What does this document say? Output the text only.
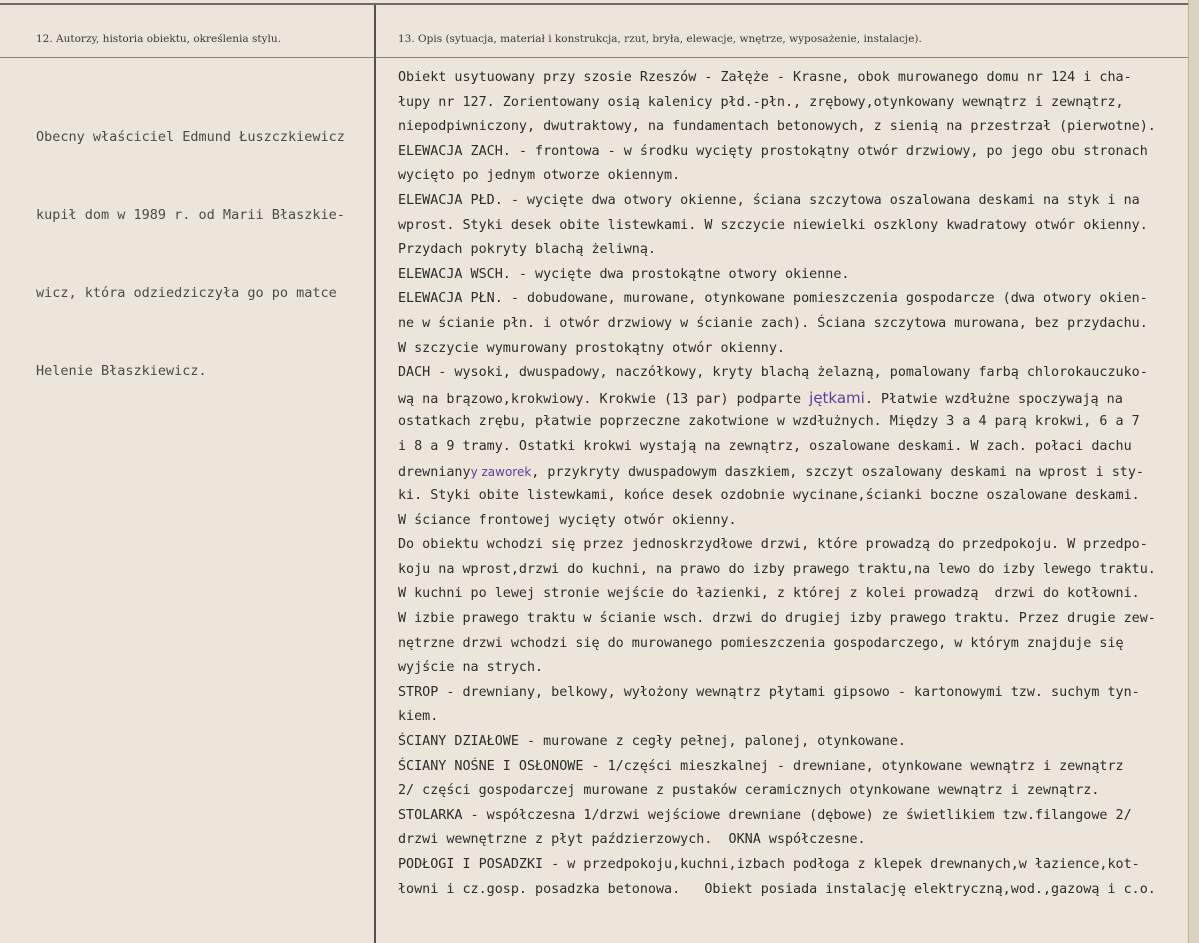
12. Autorzy, historia obiektu, określenia stylu.	13. Opis (sytuacja, materiał i konstrukcja, rzut, bryła, elewacje, wnętrze, wyposażenie, instalacje).

Obecny właściciel Edmund Łuszczkiewicz

kupił dom w 1989 r. od Marii Błaszkie-

wicz, która odziedziczyła go po matce

Helenie Błaszkiewicz.

Obiekt usytuowany przy szosie Rzeszów - Załęże - Krasne, obok murowanego domu nr 124 i cha-
łupy nr 127. Zorientowany osią kalenicy płd.-płn., zrębowy,otynkowany wewnątrz i zewnątrz,
niepodpiwniczony, dwutraktowy, na fundamentach betonowych, z sienią na przestrzał (pierwotne).
ELEWACJA ZACH. - frontowa - w środku wycięty prostokątny otwór drzwiowy, po jego obu stronach
wycięto po jednym otworze okiennym.
ELEWACJA PŁD. - wycięte dwa otwory okienne, ściana szczytowa oszalowana deskami na styk i na
wprost. Styki desek obite listewkami. W szczycie niewielki oszklony kwadratowy otwór okienny.
Przydach pokryty blachą żeliwną.
ELEWACJA WSCH. - wycięte dwa prostokątne otwory okienne.
ELEWACJA PŁN. - dobudowane, murowane, otynkowane pomieszczenia gospodarcze (dwa otwory okien-
ne w ścianie płn. i otwór drzwiowy w ścianie zach). Ściana szczytowa murowana, bez przydachu.
W szczycie wymurowany prostokątny otwór okienny.
DACH - wysoki, dwuspadowy, naczółkowy, kryty blachą żelazną, pomalowany farbą chlorokauczuko-
wą na brązowo,krokwiowy. Krokwie (13 par) podparte jętkami. Płatwie wzdłużne spoczywają na
ostatkach zrębu, płatwie poprzeczne zakotwione w wzdłużnych. Między 3 a 4 parą krokwi, 6 a 7
i 8 a 9 tramy. Ostatki krokwi wystają na zewnątrz, oszalowane deskami. W zach. połaci dachu
drewnianyy zaworek, przykryty dwuspadowym daszkiem, szczyt oszalowany deskami na wprost i sty-
ki. Styki obite listewkami, końce desek ozdobnie wycinane,ścianki boczne oszalowane deskami.
W ściance frontowej wycięty otwór okienny.
Do obiektu wchodzi się przez jednoskrzydłowe drzwi, które prowadzą do przedpokoju. W przedpo-
koju na wprost,drzwi do kuchni, na prawo do izby prawego traktu,na lewo do izby lewego traktu.
W kuchni po lewej stronie wejście do łazienki, z której z kolei prowadzą  drzwi do kotłowni.
W izbie prawego traktu w ścianie wsch. drzwi do drugiej izby prawego traktu. Przez drugie zew-
nętrzne drzwi wchodzi się do murowanego pomieszczenia gospodarczego, w którym znajduje się
wyjście na strych.
STROP - drewniany, belkowy, wyłożony wewnątrz płytami gipsowo - kartonowymi tzw. suchym tyn-
kiem.
ŚCIANY DZIAŁOWE - murowane z cegły pełnej, palonej, otynkowane.
ŚCIANY NOŚNE I OSŁONOWE - 1/części mieszkalnej - drewniane, otynkowane wewnątrz i zewnątrz
2/ części gospodarczej murowane z pustaków ceramicznych otynkowane wewnątrz i zewnątrz.
STOLARKA - współczesna 1/drzwi wejściowe drewniane (dębowe) ze świetlikiem tzw.filangowe 2/
drzwi wewnętrzne z płyt paździerzowych.  OKNA współczesne.
PODŁOGI I POSADZKI - w przedpokoju,kuchni,izbach podłoga z klepek drewnanych,w łazience,kot-
łowni i cz.gosp. posadzka betonowa.   Obiekt posiada instalację elektryczną,wod.,gazową i c.o.
